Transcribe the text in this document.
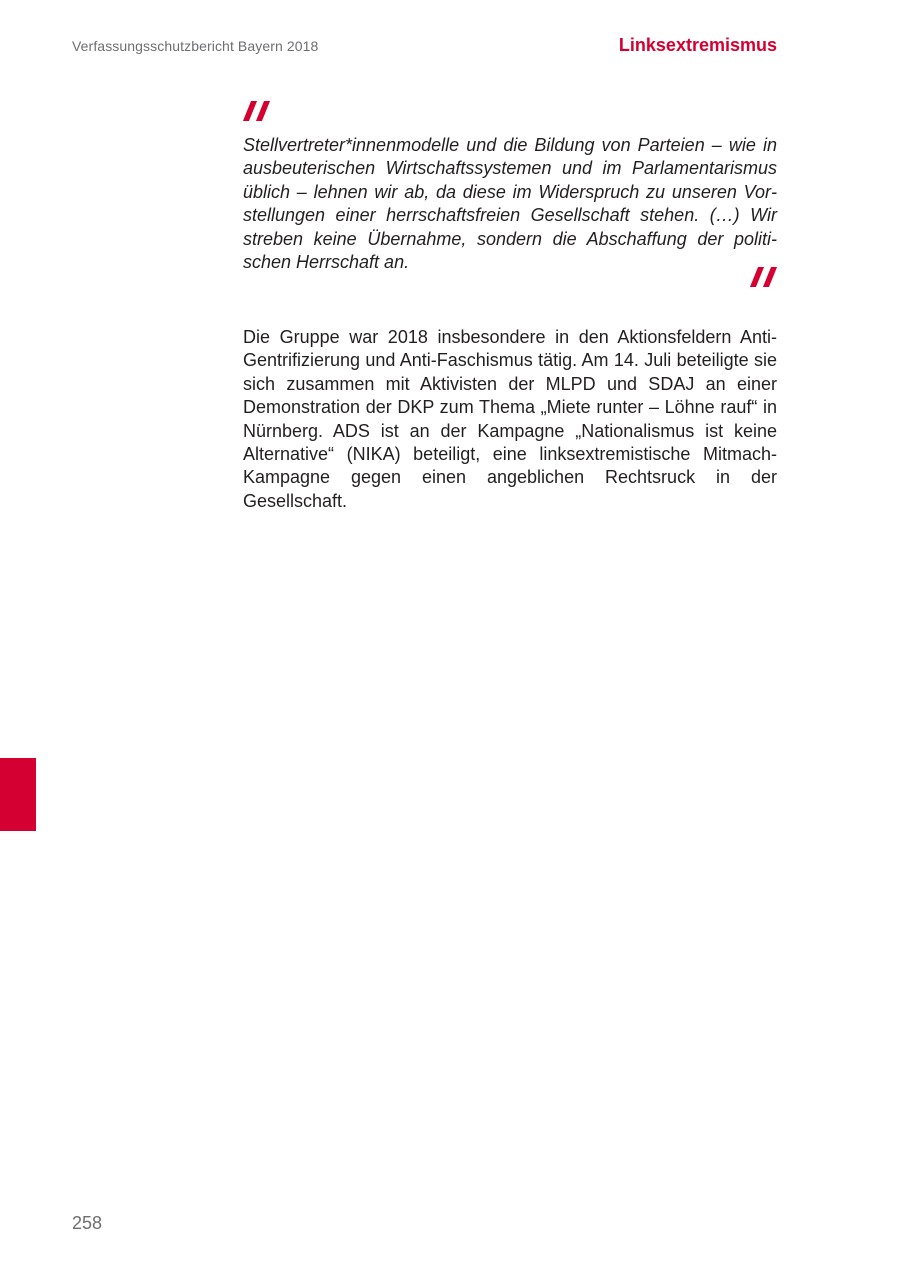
Verfassungsschutzbericht Bayern 2018	Linksextremismus
Stellvertreter*innenmodelle und die Bildung von Parteien – wie in ausbeuterischen Wirtschaftssystemen und im Parlamentarismus üblich – lehnen wir ab, da diese im Widerspruch zu unseren Vorstellungen einer herrschaftsfreien Gesellschaft stehen. (…) Wir streben keine Übernahme, sondern die Abschaffung der politischen Herrschaft an.
Die Gruppe war 2018 insbesondere in den Aktionsfeldern Anti-Gentrifizierung und Anti-Faschismus tätig. Am 14. Juli beteiligte sie sich zusammen mit Aktivisten der MLPD und SDAJ an einer Demonstration der DKP zum Thema „Miete runter – Löhne rauf“ in Nürnberg. ADS ist an der Kampagne „Nationalismus ist keine Alternative“ (NIKA) beteiligt, eine linksextremistische Mitmach-Kampagne gegen einen angeblichen Rechtsruck in der Gesellschaft.
258
